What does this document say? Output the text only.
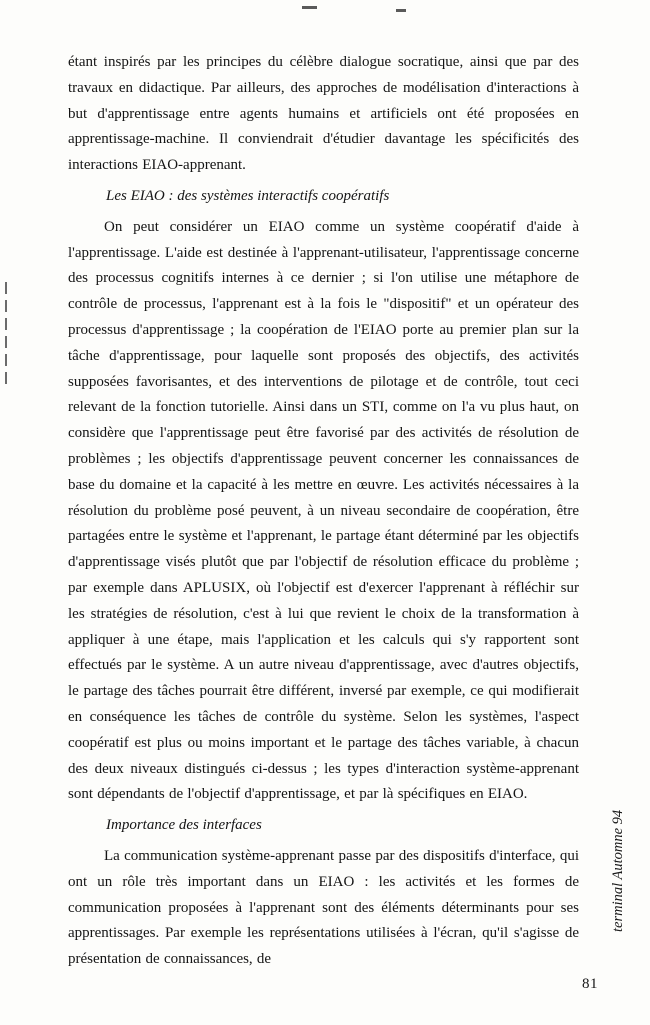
étant inspirés par les principes du célèbre dialogue socratique, ainsi que par des travaux en didactique. Par ailleurs, des approches de modélisation d'interactions à but d'apprentissage entre agents humains et artificiels ont été proposées en apprentissage-machine. Il conviendrait d'étudier davantage les spécificités des interactions EIAO-apprenant.

Les EIAO : des systèmes interactifs coopératifs

On peut considérer un EIAO comme un système coopératif d'aide à l'apprentissage. L'aide est destinée à l'apprenant-utilisateur, l'apprentissage concerne des processus cognitifs internes à ce dernier ; si l'on utilise une métaphore de contrôle de processus, l'apprenant est à la fois le "dispositif" et un opérateur des processus d'apprentissage ; la coopération de l'EIAO porte au premier plan sur la tâche d'apprentissage, pour laquelle sont proposés des objectifs, des activités supposées favorisantes, et des interventions de pilotage et de contrôle, tout ceci relevant de la fonction tutorielle. Ainsi dans un STI, comme on l'a vu plus haut, on considère que l'apprentissage peut être favorisé par des activités de résolution de problèmes ; les objectifs d'apprentissage peuvent concerner les connaissances de base du domaine et la capacité à les mettre en œuvre. Les activités nécessaires à la résolution du problème posé peuvent, à un niveau secondaire de coopération, être partagées entre le système et l'apprenant, le partage étant déterminé par les objectifs d'apprentissage visés plutôt que par l'objectif de résolution efficace du problème ; par exemple dans APLUSIX, où l'objectif est d'exercer l'apprenant à réfléchir sur les stratégies de résolution, c'est à lui que revient le choix de la transformation à appliquer à une étape, mais l'application et les calculs qui s'y rapportent sont effectués par le système. A un autre niveau d'apprentissage, avec d'autres objectifs, le partage des tâches pourrait être différent, inversé par exemple, ce qui modifierait en conséquence les tâches de contrôle du système. Selon les systèmes, l'aspect coopératif est plus ou moins important et le partage des tâches variable, à chacun des deux niveaux distingués ci-dessus ; les types d'interaction système-apprenant sont dépendants de l'objectif d'apprentissage, et par là spécifiques en EIAO.

Importance des interfaces

La communication système-apprenant passe par des dispositifs d'interface, qui ont un rôle très important dans un EIAO : les activités et les formes de communication proposées à l'apprenant sont des éléments déterminants pour ses apprentissages. Par exemple les représentations utilisées à l'écran, qu'il s'agisse de présentation de connaissances, de

terminal Automne 94
81
